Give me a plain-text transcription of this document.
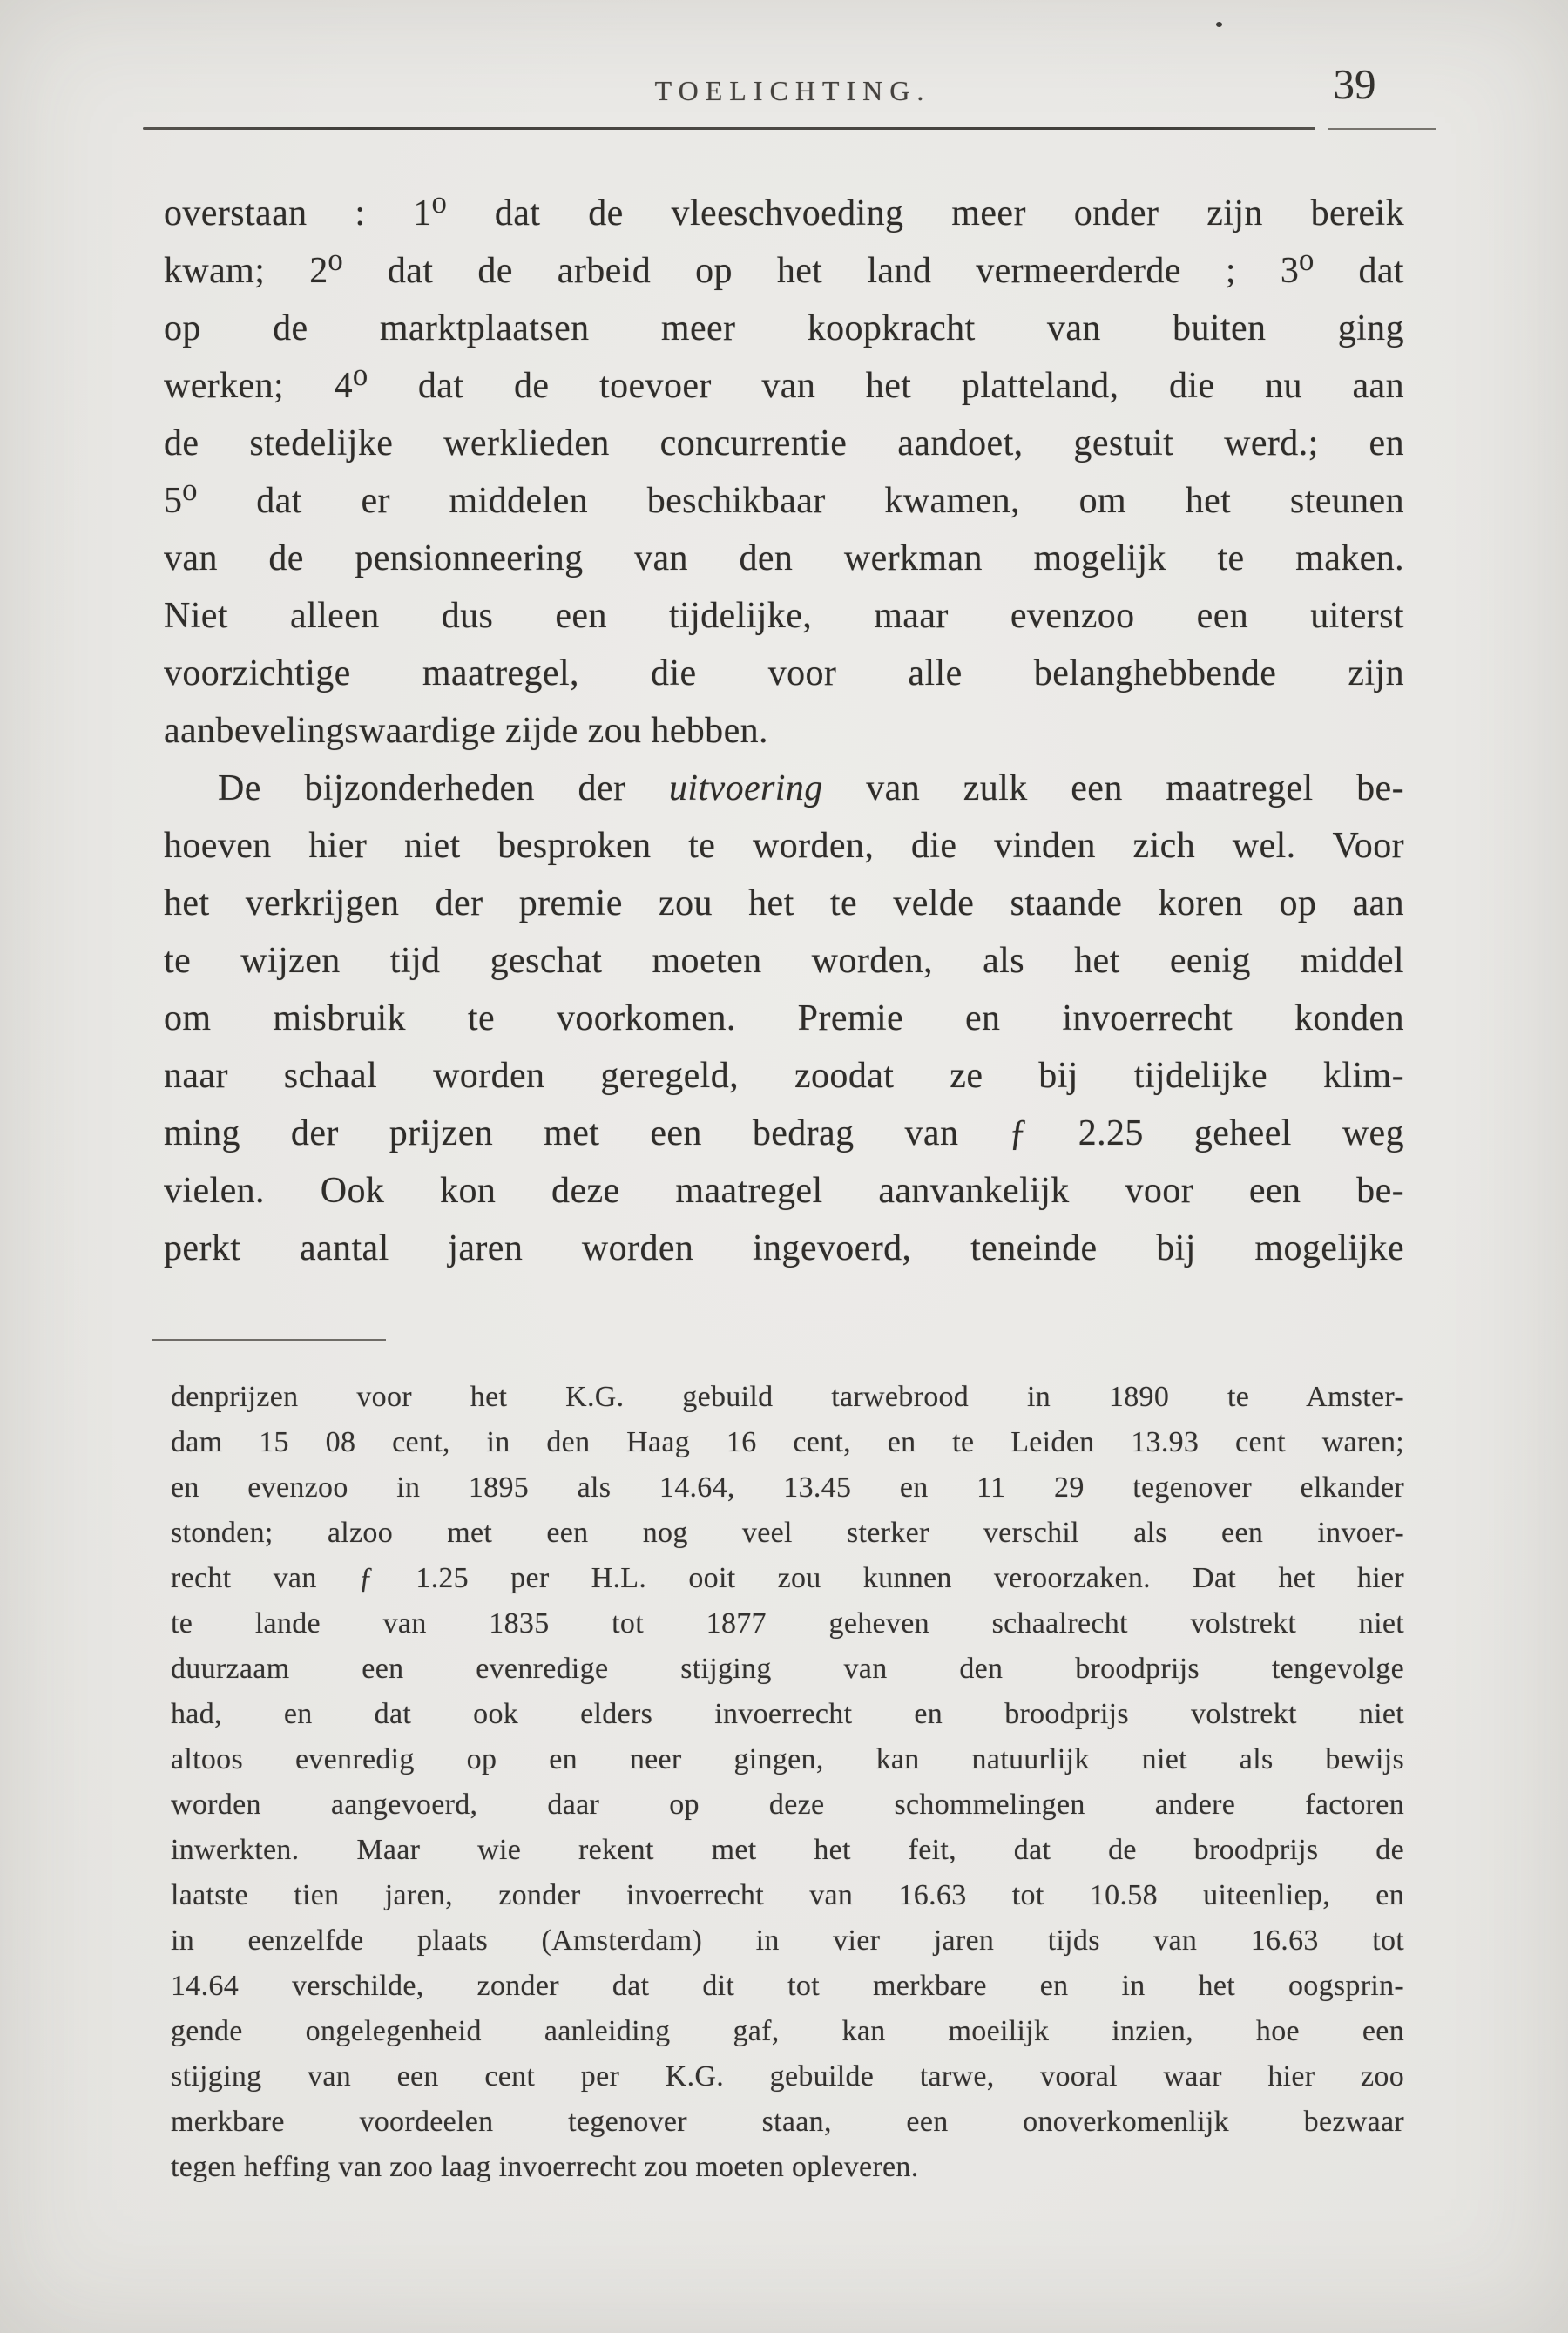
TOELICHTING.	39
overstaan : 1⁰ dat de vleeschvoeding meer onder zijn bereik
kwam; 2⁰ dat de arbeid op het land vermeerderde ; 3⁰ dat
op de marktplaatsen meer koopkracht van buiten ging
werken; 4⁰ dat de toevoer van het platteland, die nu aan
de stedelijke werklieden concurrentie aandoet, gestuit werd.; en
5⁰ dat er middelen beschikbaar kwamen, om het steunen
van de pensionneering van den werkman mogelijk te maken.
Niet alleen dus een tijdelijke, maar evenzoo een uiterst
voorzichtige maatregel, die voor alle belanghebbende zijn
aanbevelingswaardige zijde zou hebben.
De bijzonderheden der uitvoering van zulk een maatregel be-
hoeven hier niet besproken te worden, die vinden zich wel. Voor
het verkrijgen der premie zou het te velde staande koren op aan
te wijzen tijd geschat moeten worden, als het eenig middel
om misbruik te voorkomen. Premie en invoerrecht konden
naar schaal worden geregeld, zoodat ze bij tijdelijke klim-
ming der prijzen met een bedrag van ƒ 2.25 geheel weg
vielen. Ook kon deze maatregel aanvankelijk voor een be-
perkt aantal jaren worden ingevoerd, teneinde bij mogelijke
denprijzen voor het K.G. gebuild tarwebrood in 1890 te Amster-
dam 15 08 cent, in den Haag 16 cent, en te Leiden 13.93 cent waren;
en evenzoo in 1895 als 14.64, 13.45 en 11 29 tegenover elkander
stonden; alzoo met een nog veel sterker verschil als een invoer-
recht van ƒ 1.25 per H.L. ooit zou kunnen veroorzaken. Dat het hier
te lande van 1835 tot 1877 geheven schaalrecht volstrekt niet
duurzaam een evenredige stijging van den broodprijs tengevolge
had, en dat ook elders invoerrecht en broodprijs volstrekt niet
altoos evenredig op en neer gingen, kan natuurlijk niet als bewijs
worden aangevoerd, daar op deze schommelingen andere factoren
inwerkten. Maar wie rekent met het feit, dat de broodprijs de
laatste tien jaren, zonder invoerrecht van 16.63 tot 10.58 uiteenliep, en
in eenzelfde plaats (Amsterdam) in vier jaren tijds van 16.63 tot
14.64 verschilde, zonder dat dit tot merkbare en in het oogsprin-
gende ongelegenheid aanleiding gaf, kan moeilijk inzien, hoe een
stijging van een cent per K.G. gebuilde tarwe, vooral waar hier zoo
merkbare voordeelen tegenover staan, een onoverkomenlijk bezwaar
tegen heffing van zoo laag invoerrecht zou moeten opleveren.
